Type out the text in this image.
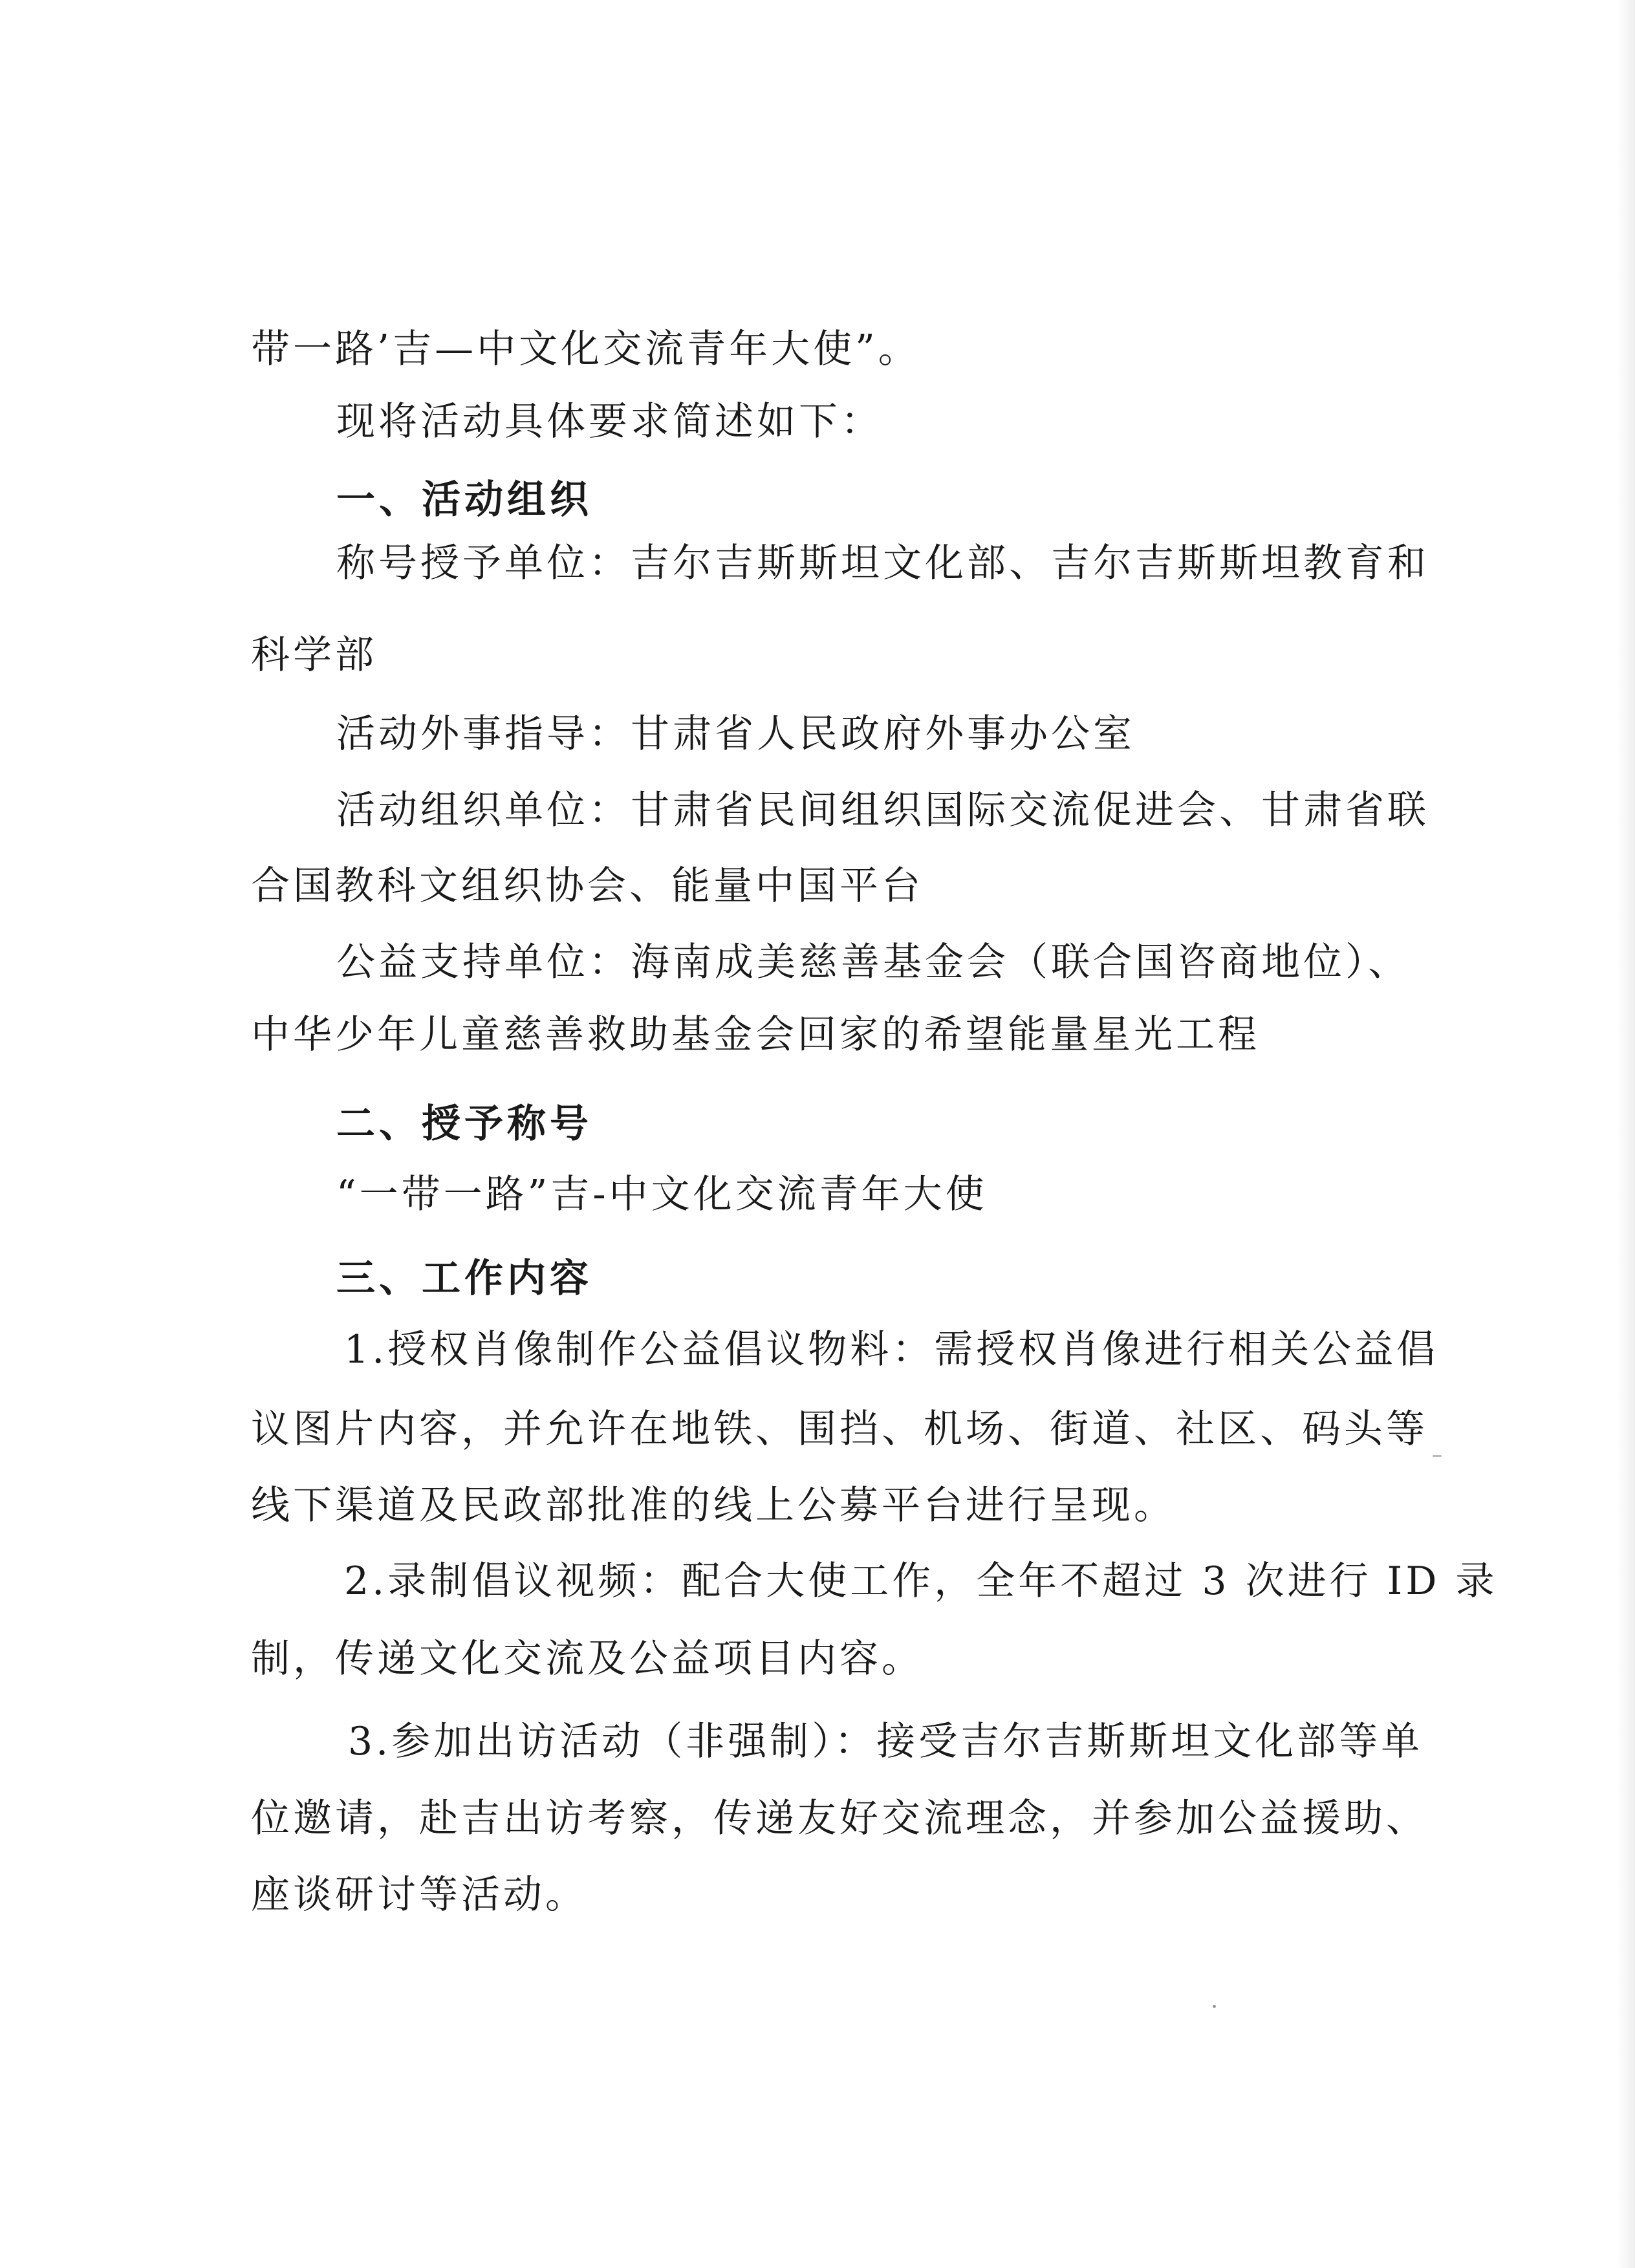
带一路’吉—中文化交流青年大使”。
现将活动具体要求简述如下：
一、活动组织
称号授予单位：吉尔吉斯斯坦文化部、吉尔吉斯斯坦教育和
科学部
活动外事指导：甘肃省人民政府外事办公室
活动组织单位：甘肃省民间组织国际交流促进会、甘肃省联
合国教科文组织协会、能量中国平台
公益支持单位：海南成美慈善基金会（联合国咨商地位）、
中华少年儿童慈善救助基金会回家的希望能量星光工程
二、授予称号
“一带一路”吉-中文化交流青年大使
三、工作内容
1.授权肖像制作公益倡议物料：需授权肖像进行相关公益倡
议图片内容，并允许在地铁、围挡、机场、街道、社区、码头等
线下渠道及民政部批准的线上公募平台进行呈现。
2.录制倡议视频：配合大使工作，全年不超过 3 次进行 ID 录
制，传递文化交流及公益项目内容。
3.参加出访活动（非强制）：接受吉尔吉斯斯坦文化部等单
位邀请，赴吉出访考察，传递友好交流理念，并参加公益援助、
座谈研讨等活动。
